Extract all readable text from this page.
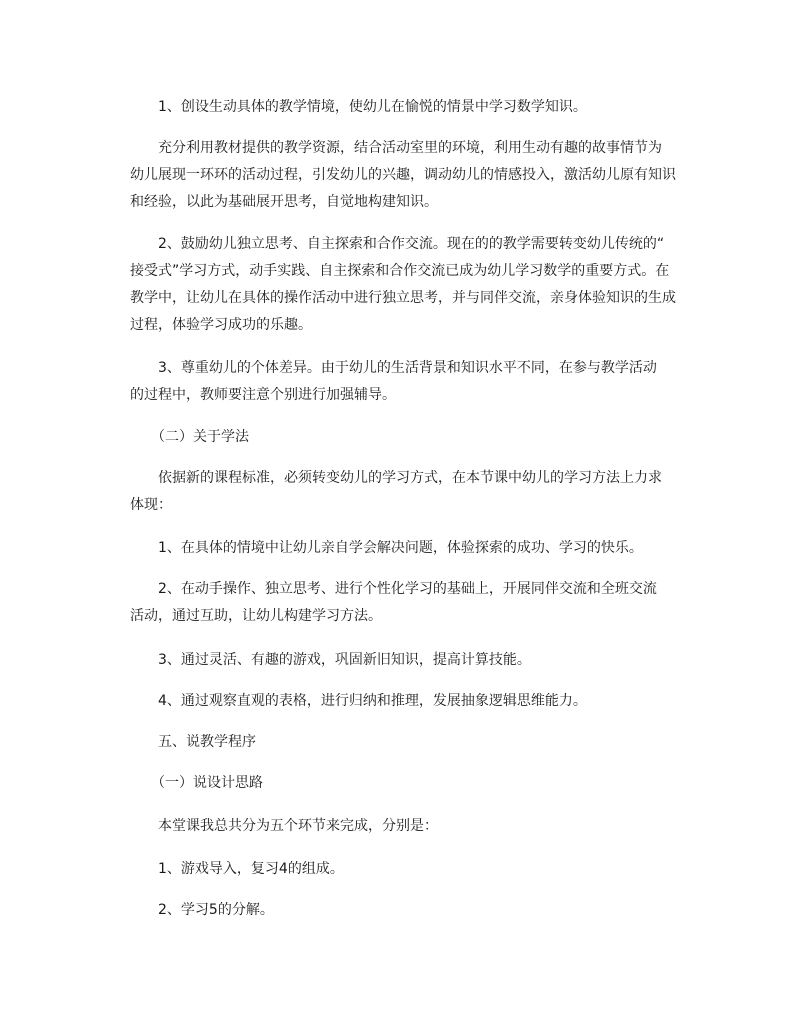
　　1、创设生动具体的教学情境，使幼儿在愉悦的情景中学习数学知识。

　　充分利用教材提供的教学资源，结合活动室里的环境，利用生动有趣的故事情节为
幼儿展现一环环的活动过程，引发幼儿的兴趣，调动幼儿的情感投入，激活幼儿原有知识
和经验，以此为基础展开思考，自觉地构建知识。

　　2、鼓励幼儿独立思考、自主探索和合作交流。现在的的教学需要转变幼儿传统的“
接受式”学习方式，动手实践、自主探索和合作交流已成为幼儿学习数学的重要方式。在
教学中，让幼儿在具体的操作活动中进行独立思考，并与同伴交流，亲身体验知识的生成
过程，体验学习成功的乐趣。

　　3、尊重幼儿的个体差异。由于幼儿的生活背景和知识水平不同，在参与教学活动
的过程中，教师要注意个别进行加强辅导。

　　（二）关于学法

　　依据新的课程标准，必须转变幼儿的学习方式，在本节课中幼儿的学习方法上力求
体现：

　　1、在具体的情境中让幼儿亲自学会解决问题，体验探索的成功、学习的快乐。

　　2、在动手操作、独立思考、进行个性化学习的基础上，开展同伴交流和全班交流
活动，通过互助，让幼儿构建学习方法。

　　3、通过灵活、有趣的游戏，巩固新旧知识，提高计算技能。

　　4、通过观察直观的表格，进行归纳和推理，发展抽象逻辑思维能力。

　　五、说教学程序

　　（一）说设计思路

　　本堂课我总共分为五个环节来完成，分别是：

　　1、游戏导入，复习4的组成。

　　2、学习5的分解。
